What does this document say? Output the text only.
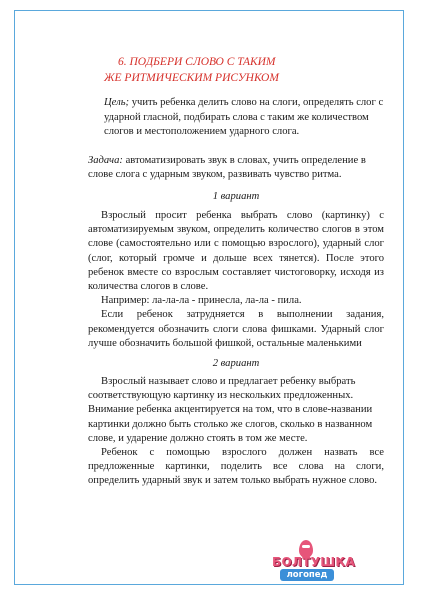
6. ПОДБЕРИ СЛОВО С ТАКИМ
ЖЕ РИТМИЧЕСКИМ РИСУНКОМ
Цель; учить ребенка делить слово на слоги, определять слог с ударной гласной, подбирать слова с таким же количеством слогов и местоположением ударного слога.
Задача: автоматизировать звук в словах, учить определение в слове слога с ударным звуком, развивать чувство ритма.
1 вариант

Взрослый просит ребенка выбрать слово (картинку) с автоматизируемым звуком, определить количество слогов в этом слове (самостоятельно или с помощью взрослого), ударный слог (слог, который громче и дольше всех тянется). После этого ребенок вместе со взрослым составляет чистоговорку, исходя из количества слогов в слове.

Например: ла-ла-ла - принесла, ла-ла - пила.

Если ребенок затрудняется в выполнении задания, рекомендуется обозначить слоги слова фишками. Ударный слог лучше обозначить большой фишкой, остальные маленькими

2 вариант

Взрослый называет слово и предлагает ребенку выбрать соответствующую картинку из нескольких предложенных. Внимание ребенка акцентируется на том, что в слове-названии картинки должно быть столько же слогов, сколько в названном слове, и ударение должно стоять в том же месте.

Ребенок с помощью взрослого должен назвать все предложенные картинки, поделить все слова на слоги, определить ударный звук и затем только выбрать нужное слово.

БОЛТУШКА
логопед
